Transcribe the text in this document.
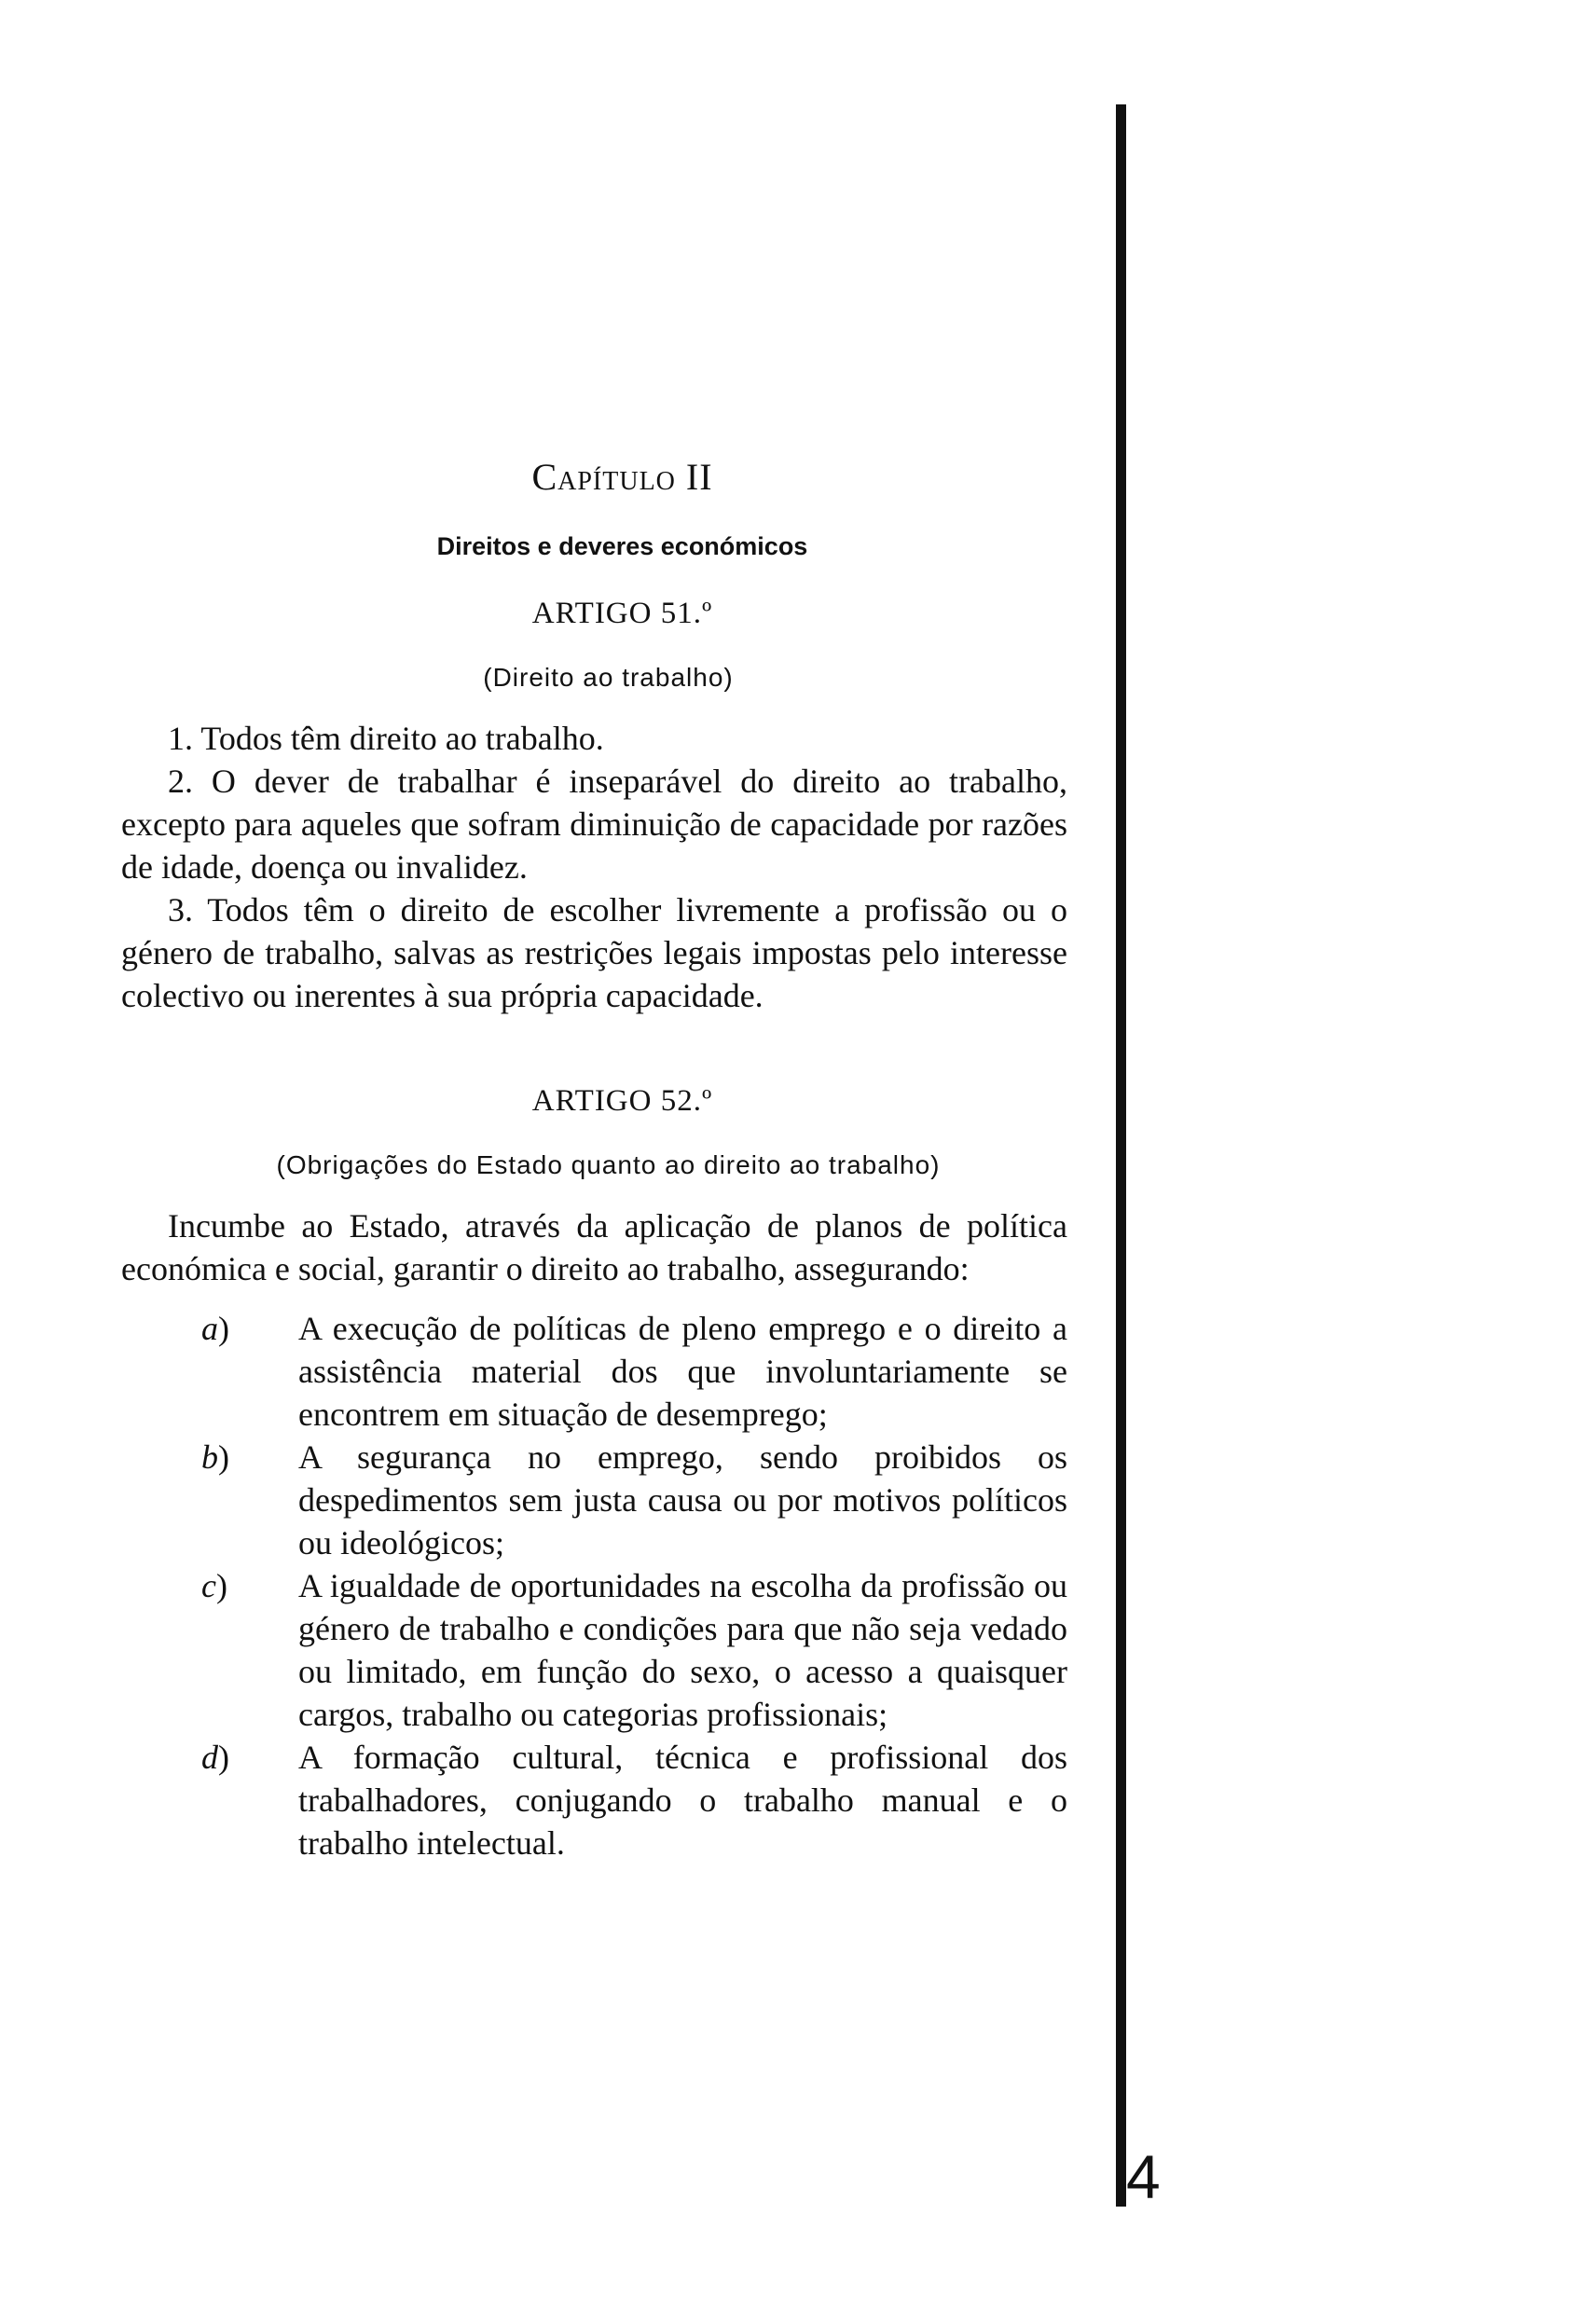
4
Capítulo II
Direitos e deveres económicos
ARTIGO 51.º
(Direito ao trabalho)

1. Todos têm direito ao trabalho.

2. O dever de trabalhar é inseparável do direito ao trabalho, excepto para aqueles que sofram diminuição de capacidade por razões de idade, doença ou invalidez.

3. Todos têm o direito de escolher livremente a profissão ou o género de trabalho, salvas as restrições legais impostas pelo interesse colectivo ou inerentes à sua própria capacidade.

ARTIGO 52.º
(Obrigações do Estado quanto ao direito ao trabalho)

Incumbe ao Estado, através da aplicação de planos de política económica e social, garantir o direito ao trabalho, assegurando:

a) A execução de políticas de pleno emprego e o direito a assistência material dos que involuntariamente se encontrem em situação de desemprego;

b) A segurança no emprego, sendo proibidos os despedimentos sem justa causa ou por motivos políticos ou ideológicos;

c) A igualdade de oportunidades na escolha da profissão ou género de trabalho e condições para que não seja vedado ou limitado, em função do sexo, o acesso a quaisquer cargos, trabalho ou categorias profissionais;

d) A formação cultural, técnica e profissional dos trabalhadores, conjugando o trabalho manual e o trabalho intelectual.
